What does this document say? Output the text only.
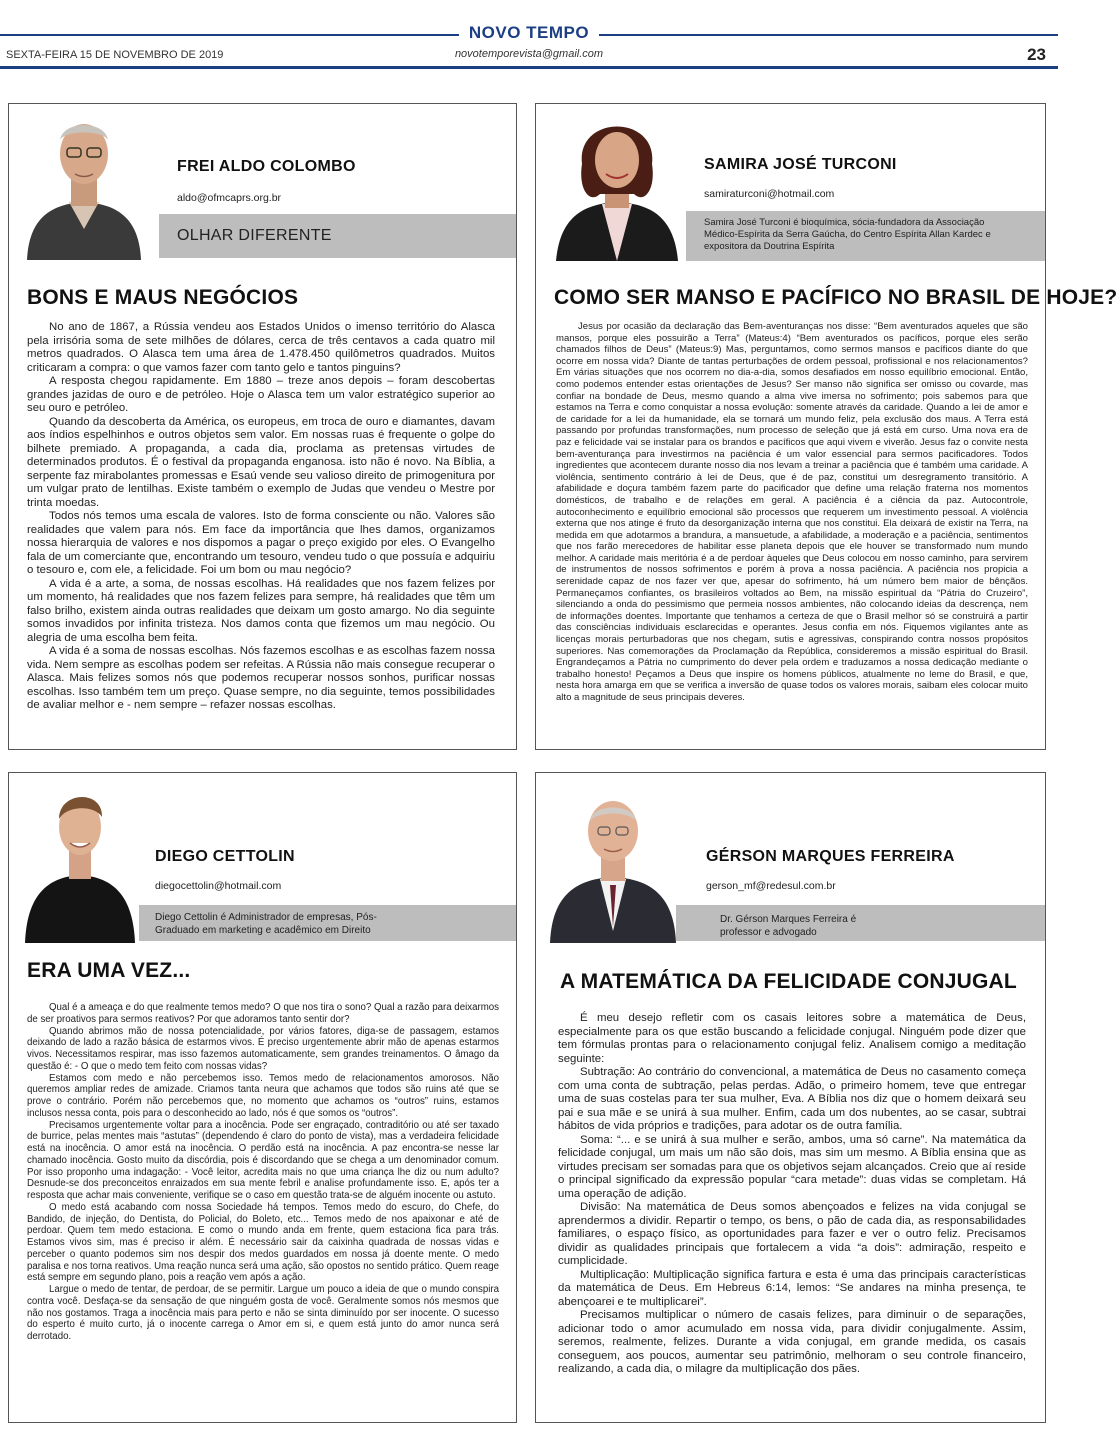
NOVO TEMPO
SEXTA-FEIRA 15 DE NOVEMBRO DE 2019	novotemporevista@gmail.com	23
FREI ALDO COLOMBO
aldo@ofmcaprs.org.br
OLHAR DIFERENTE
BONS E MAUS NEGÓCIOS

No ano de 1867, a Rússia vendeu aos Estados Unidos o imenso território do Alasca pela irrisória soma de sete milhões de dólares, cerca de três centavos a cada quatro mil metros quadrados. O Alasca tem uma área de 1.478.450 quilômetros quadrados. Muitos criticaram a compra: o que vamos fazer com tanto gelo e tantos pinguins?

A resposta chegou rapidamente. Em 1880 – treze anos depois – foram descobertas grandes jazidas de ouro e de petróleo. Hoje o Alasca tem um valor estratégico superior ao seu ouro e petróleo.

Quando da descoberta da América, os europeus, em troca de ouro e diamantes, davam aos índios espelhinhos e outros objetos sem valor. Em nossas ruas é frequente o golpe do bilhete premiado. A propaganda, a cada dia, proclama as pretensas virtudes de determinados produtos. É o festival da propaganda enganosa. isto não é novo. Na Bíblia, a serpente faz mirabolantes promessas e Esaú vende seu valioso direito de primogenitura por um vulgar prato de lentilhas. Existe também o exemplo de Judas que vendeu o Mestre por trinta moedas.

Todos nós temos uma escala de valores. Isto de forma consciente ou não. Valores são realidades que valem para nós. Em face da importância que lhes damos, organizamos nossa hierarquia de valores e nos dispomos a pagar o preço exigido por eles. O Evangelho fala de um comerciante que, encontrando um tesouro, vendeu tudo o que possuía e adquiriu o tesouro e, com ele, a felicidade. Foi um bom ou mau negócio?

A vida é a arte, a soma, de nossas escolhas. Há realidades que nos fazem felizes por um momento, há realidades que nos fazem felizes para sempre, há realidades que têm um falso brilho, existem ainda outras realidades que deixam um gosto amargo. No dia seguinte somos invadidos por infinita tristeza. Nos damos conta que fizemos um mau negócio. Ou alegria de uma escolha bem feita.

A vida é a soma de nossas escolhas. Nós fazemos escolhas e as escolhas fazem nossa vida. Nem sempre as escolhas podem ser refeitas. A Rússia não mais consegue recuperar o Alasca. Mais felizes somos nós que podemos recuperar nossos sonhos, purificar nossas escolhas. Isso também tem um preço. Quase sempre, no dia seguinte, temos possibilidades de avaliar melhor e - nem sempre – refazer nossas escolhas.

SAMIRA JOSÉ TURCONI
samiraturconi@hotmail.com
Samira José Turconi é bioquímica, sócia-fundadora da Associação Médico-Espírita da Serra Gaúcha, do Centro Espírita Allan Kardec e expositora da Doutrina Espírita
COMO SER MANSO E PACÍFICO NO BRASIL DE HOJE?

Jesus por ocasião da declaração das Bem-aventuranças nos disse: “Bem aventurados aqueles que são mansos, porque eles possuirão a Terra” (Mateus:4) “Bem aventurados os pacíficos, porque eles serão chamados filhos de Deus” (Mateus:9) Mas, perguntamos, como sermos mansos e pacíficos diante do que ocorre em nossa vida? Diante de tantas perturbações de ordem pessoal, profissional e nos relacionamentos? Em várias situações que nos ocorrem no dia-a-dia, somos desafiados em nosso equilíbrio emocional. Então, como podemos entender estas orientações de Jesus? Ser manso não significa ser omisso ou covarde, mas confiar na bondade de Deus, mesmo quando a alma vive imersa no sofrimento; pois sabemos para que estamos na Terra e como conquistar a nossa evolução: somente através da caridade. Quando a lei de amor e de caridade for a lei da humanidade, ela se tornará um mundo feliz, pela exclusão dos maus. A Terra está passando por profundas transformações, num processo de seleção que já está em curso. Uma nova era de paz e felicidade vai se instalar para os brandos e pacíficos que aqui vivem e viverão. Jesus faz o convite nesta bem-aventurança para investirmos na paciência é um valor essencial para sermos pacificadores. Todos ingredientes que acontecem durante nosso dia nos levam a treinar a paciência que é também uma caridade. A violência, sentimento contrário à lei de Deus, que é de paz, constitui um desregramento transitório. A afabilidade e doçura também fazem parte do pacificador que define uma relação fraterna nos momentos domésticos, de trabalho e de relações em geral. A paciência é a ciência da paz. Autocontrole, autoconhecimento e equilíbrio emocional são processos que requerem um investimento pessoal. A violência externa que nos atinge é fruto da desorganização interna que nos constitui. Ela deixará de existir na Terra, na medida em que adotarmos a brandura, a mansuetude, a afabilidade, a moderação e a paciência, sentimentos que nos farão merecedores de habilitar esse planeta depois que ele houver se transformado num mundo melhor. A caridade mais meritória é a de perdoar àqueles que Deus colocou em nosso caminho, para servirem de instrumentos de nossos sofrimentos e porém à prova a nossa paciência. A paciência nos propicia a serenidade capaz de nos fazer ver que, apesar do sofrimento, há um número bem maior de bênçãos. Permaneçamos confiantes, os brasileiros voltados ao Bem, na missão espiritual da “Pátria do Cruzeiro”, silenciando a onda do pessimismo que permeia nossos ambientes, não colocando ideias da descrença, nem de informações doentes. Importante que tenhamos a certeza de que o Brasil melhor só se construirá a partir das consciências individuais esclarecidas e operantes. Jesus confia em nós. Fiquemos vigilantes ante as licenças morais perturbadoras que nos chegam, sutis e agressivas, conspirando contra nossos propósitos superiores. Nas comemorações da Proclamação da República, consideremos a missão espiritual do Brasil. Engrandeçamos a Pátria no cumprimento do dever pela ordem e traduzamos a nossa dedicação mediante o trabalho honesto! Peçamos a Deus que inspire os homens públicos, atualmente no leme do Brasil, e que, nesta hora amarga em que se verifica a inversão de quase todos os valores morais, saibam eles colocar muito alto a magnitude de seus principais deveres.

DIEGO CETTOLIN
diegocettolin@hotmail.com
Diego Cettolin é Administrador de empresas, Pós-Graduado em marketing e acadêmico em Direito
ERA UMA VEZ...

Qual é a ameaça e do que realmente temos medo? O que nos tira o sono? Qual a razão para deixarmos de ser proativos para sermos reativos? Por que adoramos tanto sentir dor?

Quando abrimos mão de nossa potencialidade, por vários fatores, diga-se de passagem, estamos deixando de lado a razão básica de estarmos vivos. É preciso urgentemente abrir mão de apenas estarmos vivos. Necessitamos respirar, mas isso fazemos automaticamente, sem grandes treinamentos. O âmago da questão é: - O que o medo tem feito com nossas vidas?

Estamos com medo e não percebemos isso. Temos medo de relacionamentos amorosos. Não queremos ampliar redes de amizade. Criamos tanta neura que achamos que todos são ruins até que se prove o contrário. Porém não percebemos que, no momento que achamos os “outros” ruins, estamos inclusos nessa conta, pois para o desconhecido ao lado, nós é que somos os “outros”.

Precisamos urgentemente voltar para a inocência. Pode ser engraçado, contraditório ou até ser taxado de burrice, pelas mentes mais “astutas” (dependendo é claro do ponto de vista), mas a verdadeira felicidade está na inocência. O amor está na inocência. O perdão está na inocência. A paz encontra-se nesse lar chamado inocência. Gosto muito da discórdia, pois é discordando que se chega a um denominador comum. Por isso proponho uma indagação: - Você leitor, acredita mais no que uma criança lhe diz ou num adulto? Desnude-se dos preconceitos enraizados em sua mente febril e analise profundamente isso. E, após ter a resposta que achar mais conveniente, verifique se o caso em questão trata-se de alguém inocente ou astuto.

O medo está acabando com nossa Sociedade há tempos. Temos medo do escuro, do Chefe, do Bandido, de injeção, do Dentista, do Policial, do Boleto, etc... Temos medo de nos apaixonar e até de perdoar. Quem tem medo estaciona. E como o mundo anda em frente, quem estaciona fica para trás. Estamos vivos sim, mas é preciso ir além. É necessário sair da caixinha quadrada de nossas vidas e perceber o quanto podemos sim nos despir dos medos guardados em nossa já doente mente. O medo paralisa e nos torna reativos. Uma reação nunca será uma ação, são opostos no sentido prático. Quem reage está sempre em segundo plano, pois a reação vem após a ação.

Largue o medo de tentar, de perdoar, de se permitir. Largue um pouco a ideia de que o mundo conspira contra você. Desfaça-se da sensação de que ninguém gosta de você. Geralmente somos nós mesmos que não nos gostamos. Traga a inocência mais para perto e não se sinta diminuído por ser inocente. O sucesso do esperto é muito curto, já o inocente carrega o Amor em si, e quem está junto do amor nunca será derrotado.

GÉRSON MARQUES FERREIRA
gerson_mf@redesul.com.br
Dr. Gérson Marques Ferreira é professor e advogado
A MATEMÁTICA DA FELICIDADE CONJUGAL

É meu desejo refletir com os casais leitores sobre a matemática de Deus, especialmente para os que estão buscando a felicidade conjugal. Ninguém pode dizer que tem fórmulas prontas para o relacionamento conjugal feliz. Analisem comigo a meditação seguinte:

Subtração: Ao contrário do convencional, a matemática de Deus no casamento começa com uma conta de subtração, pelas perdas. Adão, o primeiro homem, teve que entregar uma de suas costelas para ter sua mulher, Eva. A Bíblia nos diz que o homem deixará seu pai e sua mãe e se unirá à sua mulher. Enfim, cada um dos nubentes, ao se casar, subtrai hábitos de vida próprios e tradições, para adotar os de outra família.

Soma: “... e se unirá à sua mulher e serão, ambos, uma só carne”. Na matemática da felicidade conjugal, um mais um não são dois, mas sim um mesmo. A Bíblia ensina que as virtudes precisam ser somadas para que os objetivos sejam alcançados. Creio que aí reside o principal significado da expressão popular “cara metade”: duas vidas se completam. Há uma operação de adição.

Divisão: Na matemática de Deus somos abençoados e felizes na vida conjugal se aprendermos a dividir. Repartir o tempo, os bens, o pão de cada dia, as responsabilidades familiares, o espaço físico, as oportunidades para fazer e ver o outro feliz. Precisamos dividir as qualidades principais que fortalecem a vida “a dois”: admiração, respeito e cumplicidade.

Multiplicação: Multiplicação significa fartura e esta é uma das principais características da matemática de Deus. Em Hebreus 6:14, lemos: “Se andares na minha presença, te abençoarei e te multiplicarei”.

Precisamos multiplicar o número de casais felizes, para diminuir o de separações, adicionar todo o amor acumulado em nossa vida, para dividir conjugalmente. Assim, seremos, realmente, felizes. Durante a vida conjugal, em grande medida, os casais conseguem, aos poucos, aumentar seu patrimônio, melhoram o seu controle financeiro, realizando, a cada dia, o milagre da multiplicação dos pães.
